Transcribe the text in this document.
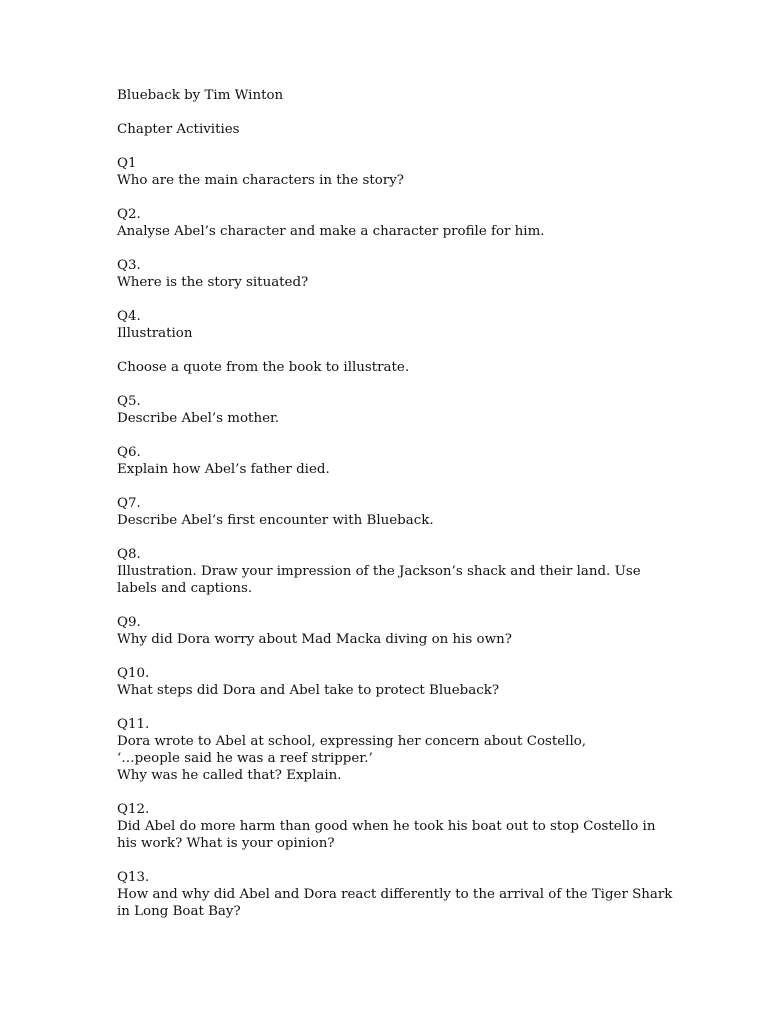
Blueback by Tim Winton
Chapter Activities
Q1
Who are the main characters in the story?
Q2.
Analyse Abel’s character and make a character profile for him.
Q3.
Where is the story situated?
Q4.
Illustration
Choose a quote from the book to illustrate.
Q5.
Describe Abel’s mother.
Q6.
Explain how Abel’s father died.
Q7.
Describe Abel’s first encounter with Blueback.
Q8.
Illustration. Draw your impression of the Jackson’s shack and their land. Use
labels and captions.
Q9.
Why did Dora worry about Mad Macka diving on his own?
Q10.
What steps did Dora and Abel take to protect Blueback?
Q11.
Dora wrote to Abel at school, expressing her concern about Costello,
‘…people said he was a reef stripper.’
Why was he called that? Explain.
Q12.
Did Abel do more harm than good when he took his boat out to stop Costello in
his work? What is your opinion?
Q13.
How and why did Abel and Dora react differently to the arrival of the Tiger Shark
in Long Boat Bay?
